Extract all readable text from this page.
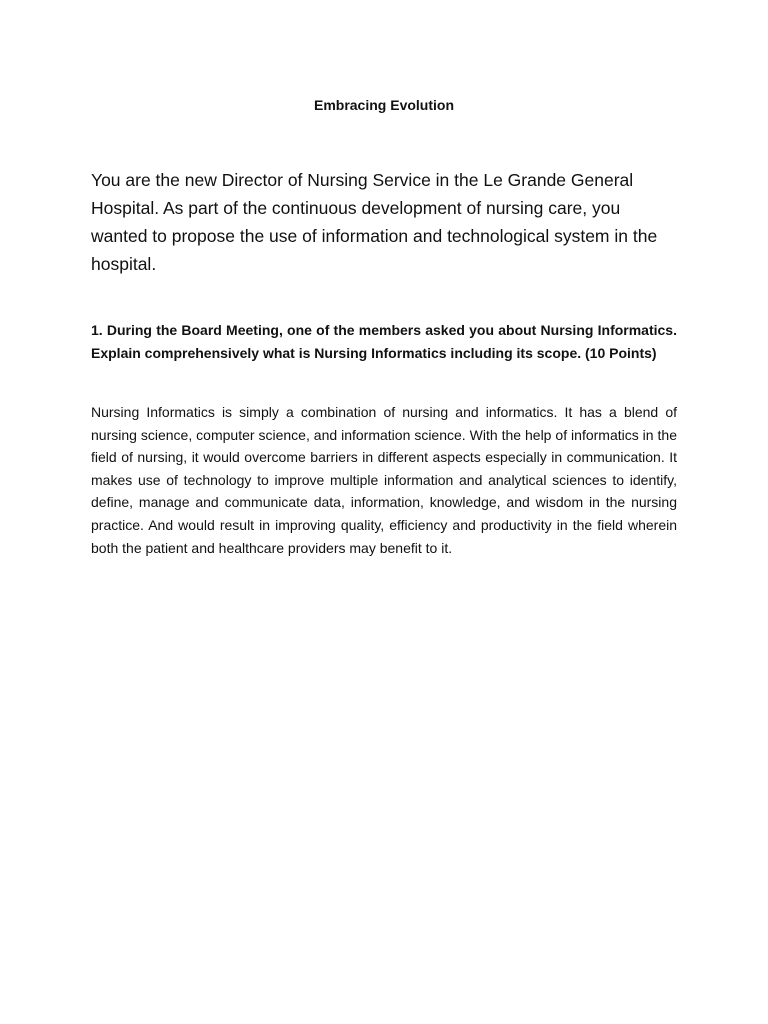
Embracing Evolution

You are the new Director of Nursing Service in the Le Grande General Hospital. As part of the continuous development of nursing care, you wanted to propose the use of information and technological system in the hospital.

1. During the Board Meeting, one of the members asked you about Nursing Informatics. Explain comprehensively what is Nursing Informatics including its scope. (10 Points)

Nursing Informatics is simply a combination of nursing and informatics. It has a blend of nursing science, computer science, and information science. With the help of informatics in the field of nursing, it would overcome barriers in different aspects especially in communication. It makes use of technology to improve multiple information and analytical sciences to identify, define, manage and communicate data, information, knowledge, and wisdom in the nursing practice. And would result in improving quality, efficiency and productivity in the field wherein both the patient and healthcare providers may benefit to it.
